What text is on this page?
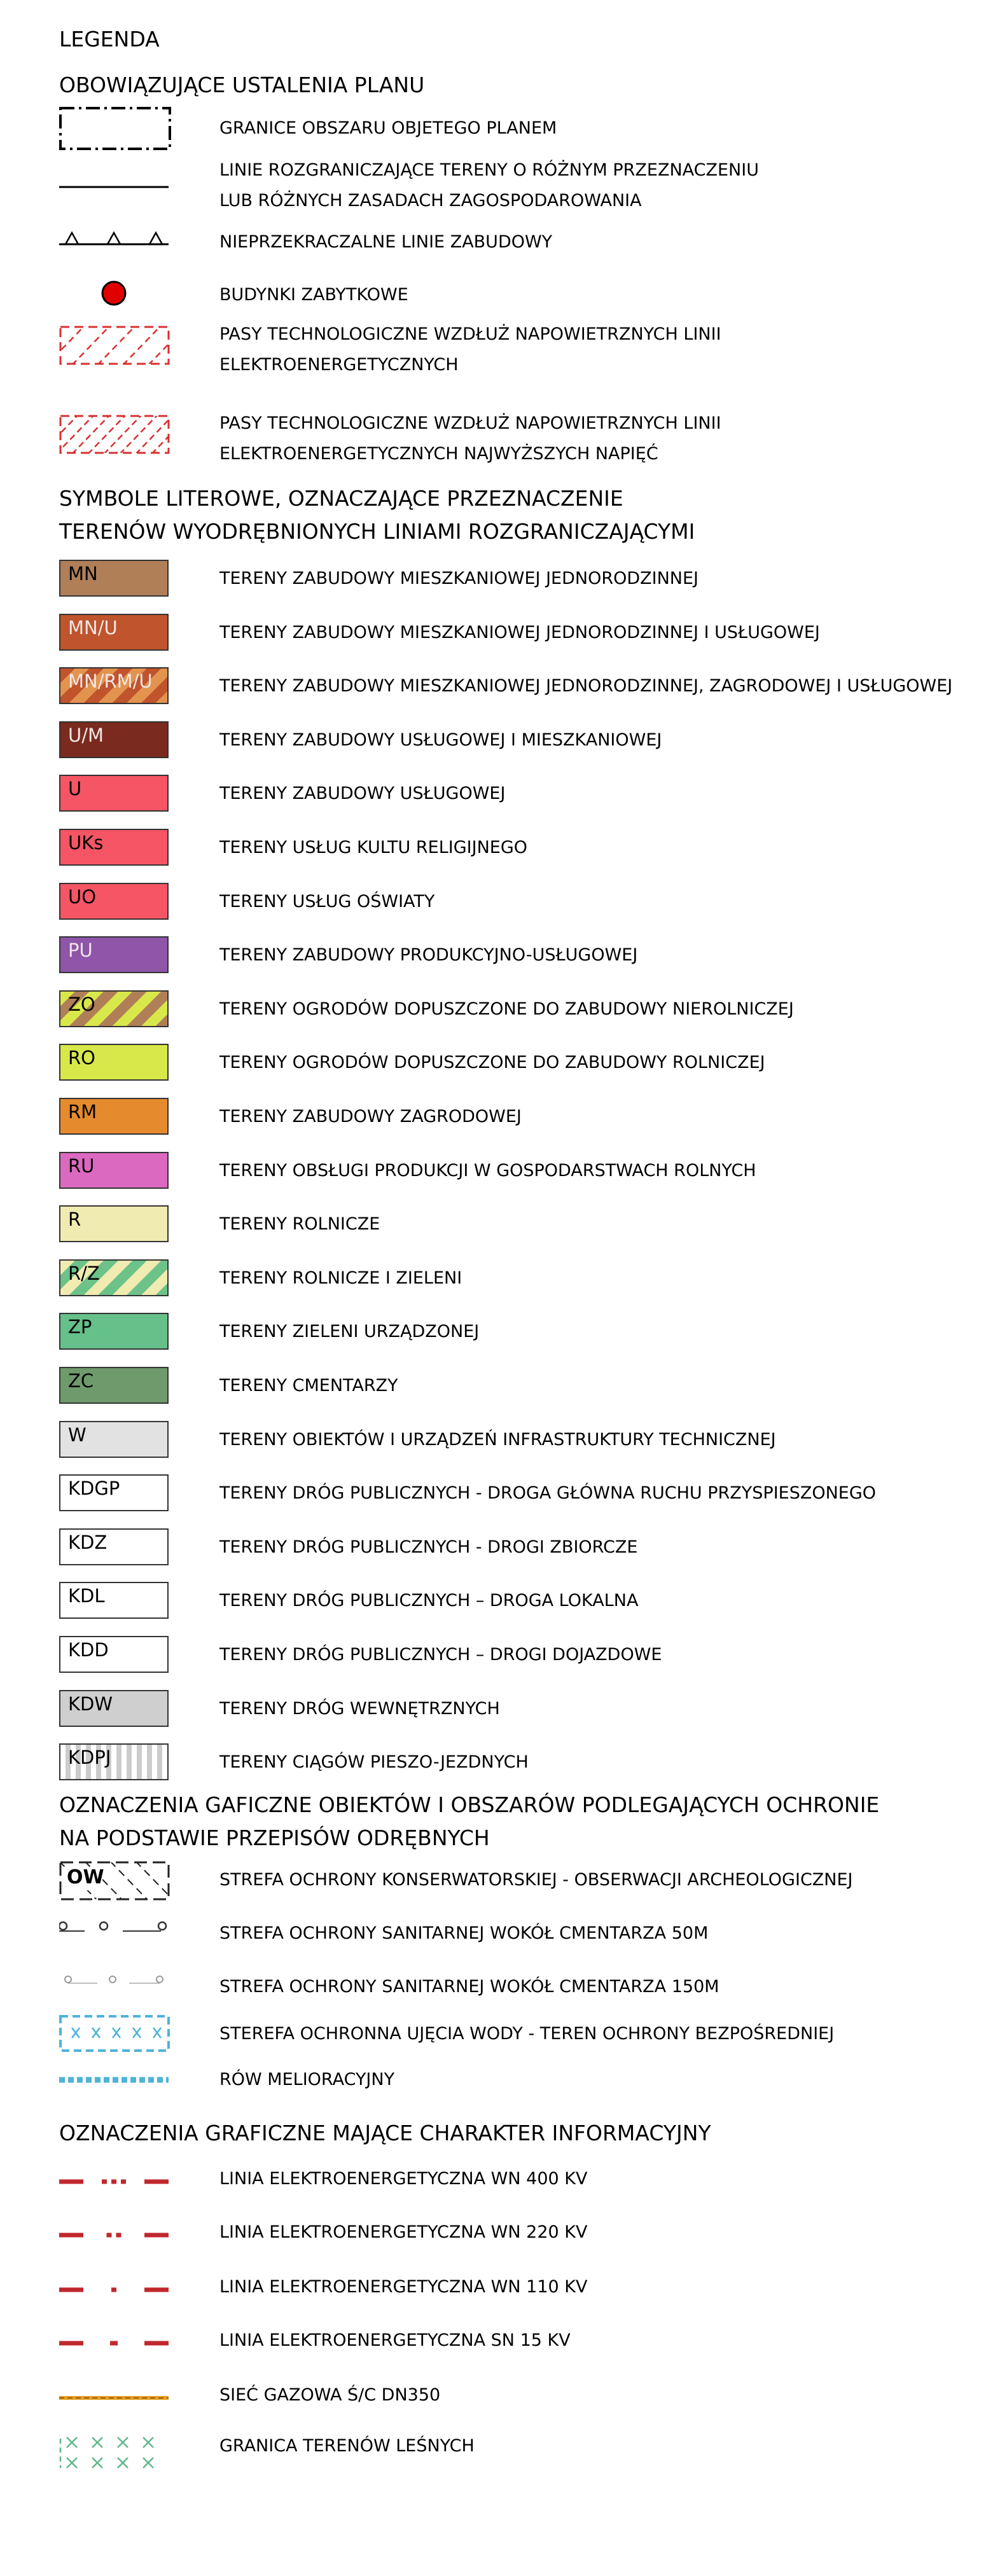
LEGENDA
OBOWIĄZUJĄCE USTALENIA PLANU
GRANICE OBSZARU OBJETEGO PLANEM
LINIE ROZGRANICZAJĄCE TERENY O RÓŻNYM PRZEZNACZENIU
LUB RÓŻNYCH ZASADACH ZAGOSPODAROWANIA
NIEPRZEKRACZALNE LINIE ZABUDOWY
BUDYNKI ZABYTKOWE
PASY TECHNOLOGICZNE WZDŁUŻ NAPOWIETRZNYCH LINII
ELEKTROENERGETYCZNYCH
PASY TECHNOLOGICZNE WZDŁUŻ NAPOWIETRZNYCH LINII
ELEKTROENERGETYCZNYCH NAJWYŻSZYCH NAPIĘĆ
SYMBOLE LITEROWE, OZNACZAJĄCE PRZEZNACZENIE
TERENÓW WYODRĘBNIONYCH LINIAMI ROZGRANICZAJĄCYMI
MN	TERENY ZABUDOWY MIESZKANIOWEJ JEDNORODZINNEJ
MN/U	TERENY ZABUDOWY MIESZKANIOWEJ JEDNORODZINNEJ I USŁUGOWEJ
MN/RM/U	TERENY ZABUDOWY MIESZKANIOWEJ JEDNORODZINNEJ, ZAGRODOWEJ I USŁUGOWEJ
U/M	TERENY ZABUDOWY USŁUGOWEJ I MIESZKANIOWEJ
U	TERENY ZABUDOWY USŁUGOWEJ
UKs	TERENY USŁUG KULTU RELIGIJNEGO
UO	TERENY USŁUG OŚWIATY
PU	TERENY ZABUDOWY PRODUKCYJNO-USŁUGOWEJ
ZO	TERENY OGRODÓW DOPUSZCZONE DO ZABUDOWY NIEROLNICZEJ
RO	TERENY OGRODÓW DOPUSZCZONE DO ZABUDOWY ROLNICZEJ
RM	TERENY ZABUDOWY ZAGRODOWEJ
RU	TERENY OBSŁUGI PRODUKCJI W GOSPODARSTWACH ROLNYCH
R	TERENY ROLNICZE
R/Z	TERENY ROLNICZE I ZIELENI
ZP	TERENY ZIELENI URZĄDZONEJ
ZC	TERENY CMENTARZY
W	TERENY OBIEKTÓW I URZĄDZEŃ INFRASTRUKTURY TECHNICZNEJ
KDGP	TERENY DRÓG PUBLICZNYCH - DROGA GŁÓWNA RUCHU PRZYSPIESZONEGO
KDZ	TERENY DRÓG PUBLICZNYCH - DROGI ZBIORCZE
KDL	TERENY DRÓG PUBLICZNYCH – DROGA LOKALNA
KDD	TERENY DRÓG PUBLICZNYCH – DROGI DOJAZDOWE
KDW	TERENY DRÓG WEWNĘTRZNYCH
KDPJ	TERENY CIĄGÓW PIESZO-JEZDNYCH
OZNACZENIA GAFICZNE OBIEKTÓW I OBSZARÓW PODLEGAJĄCYCH OCHRONIE
NA PODSTAWIE PRZEPISÓW ODRĘBNYCH
OW	STREFA OCHRONY KONSERWATORSKIEJ - OBSERWACJI ARCHEOLOGICZNEJ
STREFA OCHRONY SANITARNEJ WOKÓŁ CMENTARZA 50M
STREFA OCHRONY SANITARNEJ WOKÓŁ CMENTARZA 150M
STEREFA OCHRONNA UJĘCIA WODY - TEREN OCHRONY BEZPOŚREDNIEJ
RÓW MELIORACYJNY
OZNACZENIA GRAFICZNE MAJĄCE CHARAKTER INFORMACYJNY
LINIA ELEKTROENERGETYCZNA WN 400 KV
LINIA ELEKTROENERGETYCZNA WN 220 KV
LINIA ELEKTROENERGETYCZNA WN 110 KV
LINIA ELEKTROENERGETYCZNA SN 15 KV
SIEĆ GAZOWA Ś/C DN350
GRANICA TERENÓW LEŚNYCH
